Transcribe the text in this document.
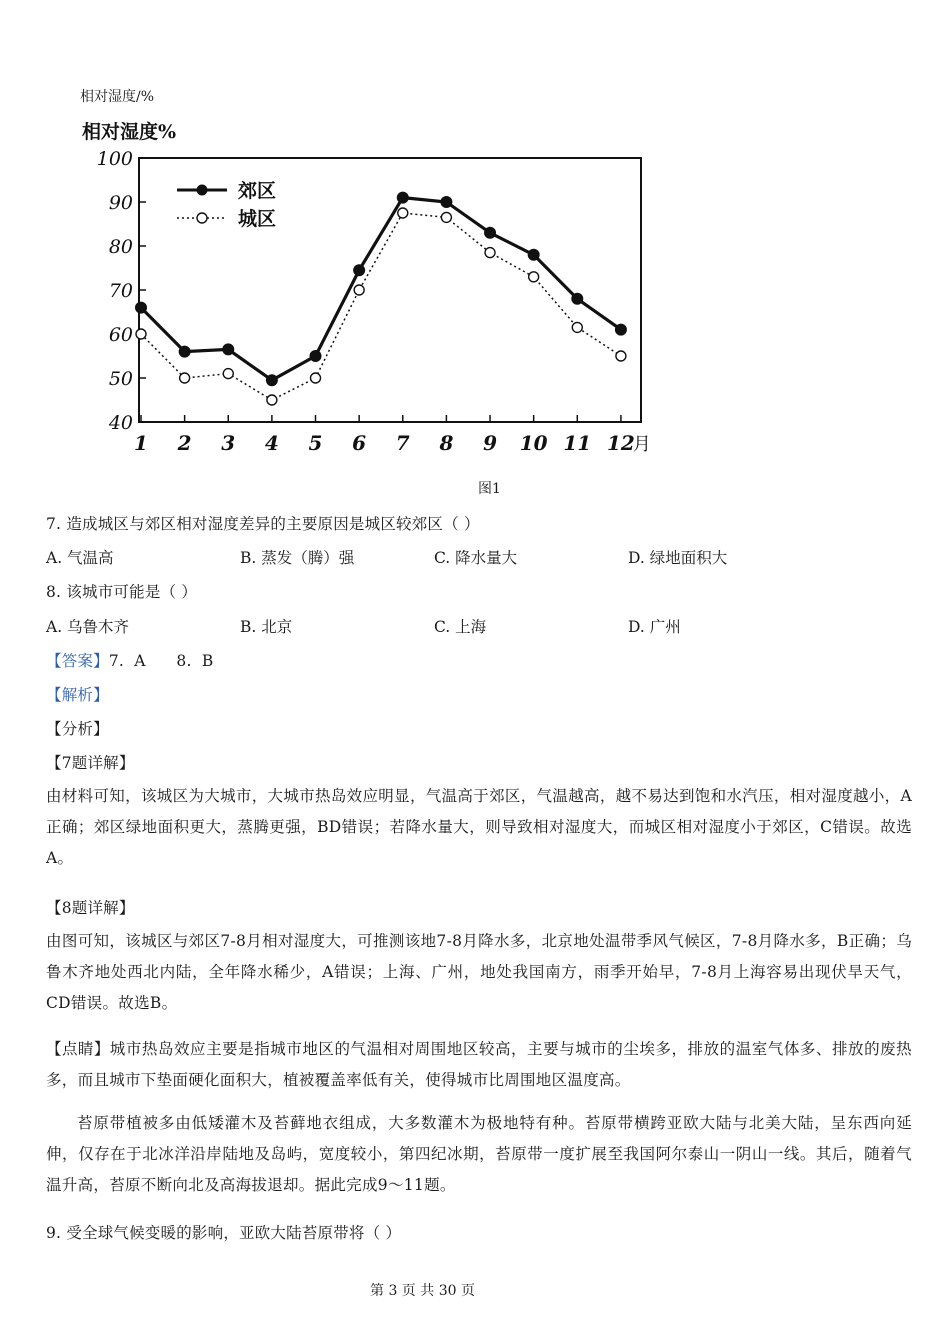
相对湿度/%
相对湿度%
100
90
80
70
60
50
40
1 2 3 4 5 6 7 8 9 10 11 12
月
郊区
城区
图1
7. 造成城区与郊区相对湿度差异的主要原因是城区较郊区（ ）
A. 气温高	B. 蒸发（腾）强	C. 降水量大	D. 绿地面积大
8. 该城市可能是（ ）
A. 乌鲁木齐	B. 北京	C. 上海	D. 广州
【答案】7.  A      8.  B
【解析】
【分析】
【7题详解】
由材料可知，该城区为大城市，大城市热岛效应明显，气温高于郊区，气温越高，越不易达到饱和水汽压，相对湿度越小，A正确；郊区绿地面积更大，蒸腾更强，BD错误；若降水量大，则导致相对湿度大，而城区相对湿度小于郊区，C错误。故选A。
【8题详解】
由图可知，该城区与郊区7-8月相对湿度大，可推测该地7-8月降水多，北京地处温带季风气候区，7-8月降水多，B正确；乌鲁木齐地处西北内陆，全年降水稀少，A错误；上海、广州，地处我国南方，雨季开始早，7-8月上海容易出现伏旱天气，CD错误。故选B。
【点睛】城市热岛效应主要是指城市地区的气温相对周围地区较高，主要与城市的尘埃多，排放的温室气体多、排放的废热多，而且城市下垫面硬化面积大，植被覆盖率低有关，使得城市比周围地区温度高。
苔原带植被多由低矮灌木及苔藓地衣组成，大多数灌木为极地特有种。苔原带横跨亚欧大陆与北美大陆，呈东西向延伸，仅存在于北冰洋沿岸陆地及岛屿，宽度较小，第四纪冰期，苔原带一度扩展至我国阿尔泰山一阴山一线。其后，随着气温升高，苔原不断向北及高海拔退却。据此完成9～11题。
9. 受全球气候变暖的影响，亚欧大陆苔原带将（ ）
第 3 页 共 30 页
